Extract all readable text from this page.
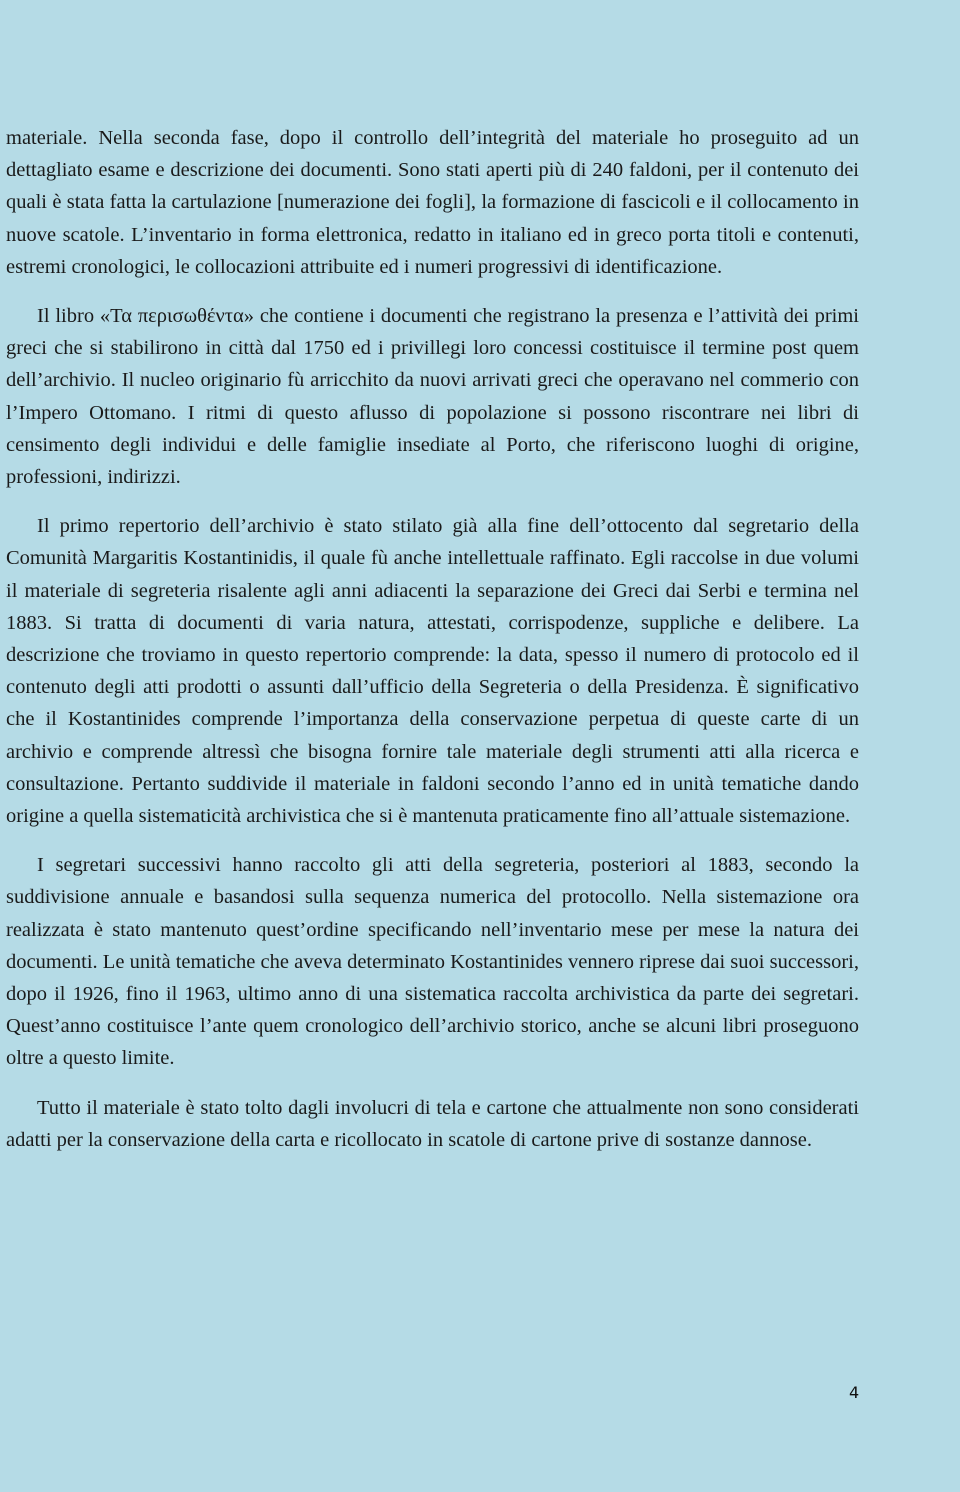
materiale. Nella seconda fase, dopo il controllo dell’integrità del materiale ho proseguito ad un dettagliato esame e descrizione dei documenti. Sono stati aperti più di 240 faldoni, per il contenuto dei quali è stata fatta la cartulazione [numerazione dei fogli], la formazione di fascicoli e il collocamento in nuove scatole. L’inventario in forma elettronica, redatto in italiano ed in greco porta titoli e contenuti, estremi cronologici, le collocazioni attribuite ed i numeri progressivi di identificazione.

Il libro «Τα περισωθέντα» che contiene i documenti che registrano la presenza e l’attività dei primi greci che si stabilirono in città dal 1750 ed i privillegi loro concessi costituisce il termine post quem dell’archivio. Il nucleo originario fù arricchito da nuovi arrivati greci che operavano nel commerio con l’Impero Ottomano. I ritmi di questo aflusso di popolazione si possono riscontrare nei libri di censimento degli individui e delle famiglie insediate al Porto, che riferiscono luoghi di origine, professioni, indirizzi.

Il primo repertorio dell’archivio è stato stilato già alla fine dell’ottocento dal segretario della Comunità Margaritis Kostantinidis, il quale fù anche intellettuale raffinato. Egli raccolse in due volumi il materiale di segreteria risalente agli anni adiacenti la separazione dei Greci dai Serbi e termina nel 1883. Si tratta di documenti di varia natura, attestati, corrispodenze, suppliche e delibere. La descrizione che troviamo in questo repertorio comprende: la data, spesso il numero di protocolo ed il contenuto degli atti prodotti o assunti dall’ufficio della Segreteria o della Presidenza. È significativo che il Kostantinides comprende l’importanza della conservazione perpetua di queste carte di un archivio e comprende altressì che bisogna fornire tale materiale degli strumenti atti alla ricerca e consultazione. Pertanto suddivide il materiale in faldoni secondo l’anno ed in unità tematiche dando origine a quella sistematicità archivistica che si è mantenuta praticamente fino all’attuale sistemazione.

I segretari successivi hanno raccolto gli atti della segreteria, posteriori al 1883, secondo la suddivisione annuale e basandosi sulla sequenza numerica del protocollo. Nella sistemazione ora realizzata è stato mantenuto quest’ordine specificando nell’inventario mese per mese la natura dei documenti. Le unità tematiche che aveva determinato Kostantinides vennero riprese dai suoi successori, dopo il 1926, fino il 1963, ultimo anno di una sistematica raccolta archivistica da parte dei segretari. Quest’anno costituisce l’ante quem cronologico dell’archivio storico, anche se alcuni libri proseguono oltre a questo limite.

Tutto il materiale è stato tolto dagli involucri di tela e cartone che attualmente non sono considerati adatti per la conservazione della carta e ricollocato in scatole di cartone prive di sostanze dannose.

4
